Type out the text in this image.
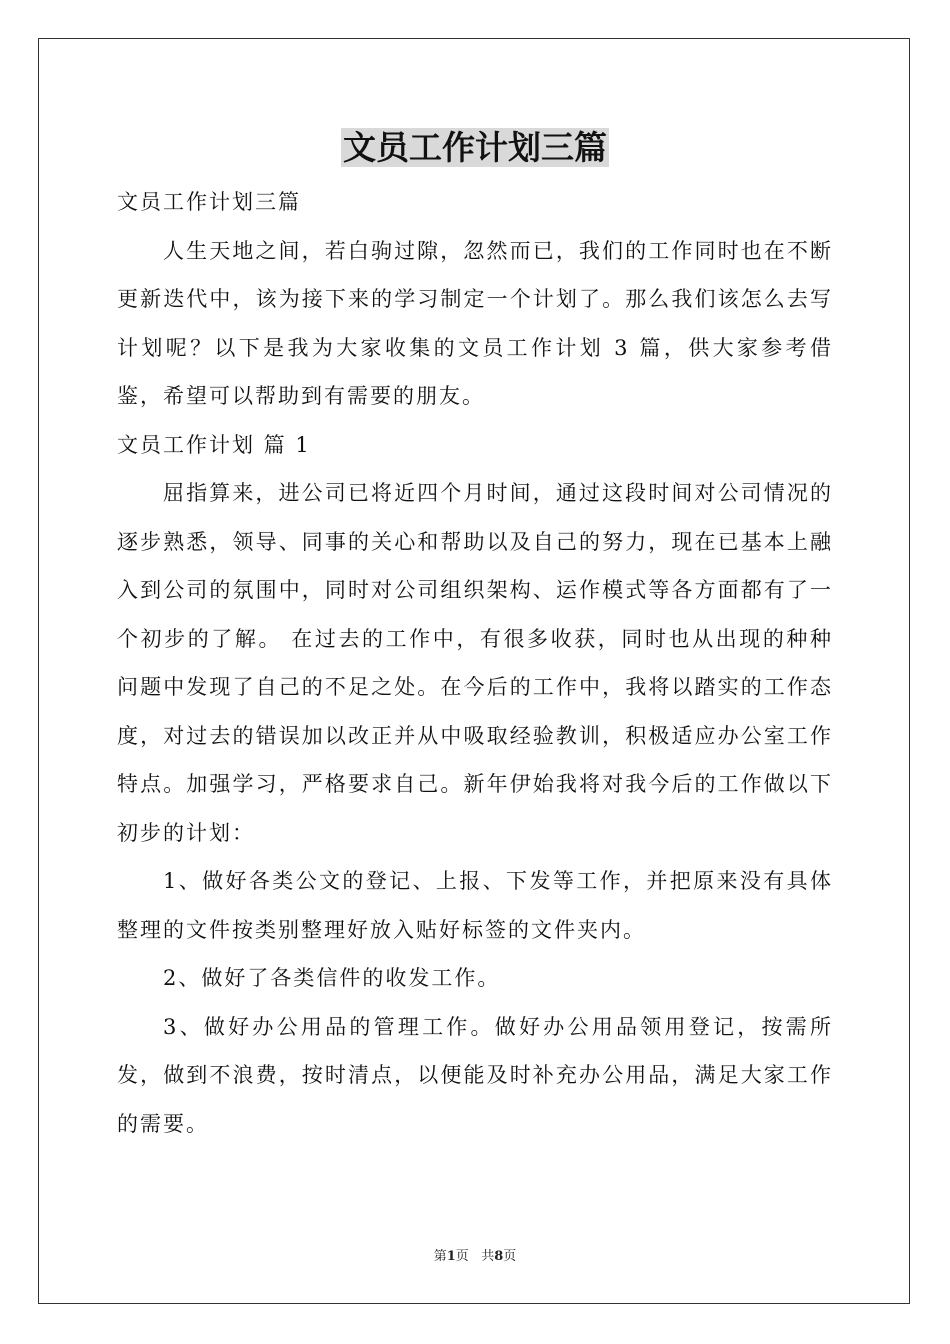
文员工作计划三篇

文员工作计划三篇

人生天地之间，若白驹过隙，忽然而已，我们的工作同时也在不断更新迭代中，该为接下来的学习制定一个计划了。那么我们该怎么去写计划呢？以下是我为大家收集的文员工作计划 3 篇，供大家参考借鉴，希望可以帮助到有需要的朋友。

文员工作计划 篇 1

屈指算来，进公司已将近四个月时间，通过这段时间对公司情况的逐步熟悉，领导、同事的关心和帮助以及自己的努力，现在已基本上融入到公司的氛围中，同时对公司组织架构、运作模式等各方面都有了一个初步的了解。 在过去的工作中，有很多收获，同时也从出现的种种问题中发现了自己的不足之处。在今后的工作中，我将以踏实的工作态度，对过去的错误加以改正并从中吸取经验教训，积极适应办公室工作特点。加强学习，严格要求自己。新年伊始我将对我今后的工作做以下初步的计划：

1、做好各类公文的登记、上报、下发等工作，并把原来没有具体整理的文件按类别整理好放入贴好标签的文件夹内。

2、做好了各类信件的收发工作。

3、做好办公用品的管理工作。做好办公用品领用登记，按需所发，做到不浪费，按时清点，以便能及时补充办公用品，满足大家工作的需要。

第1页 共8页
